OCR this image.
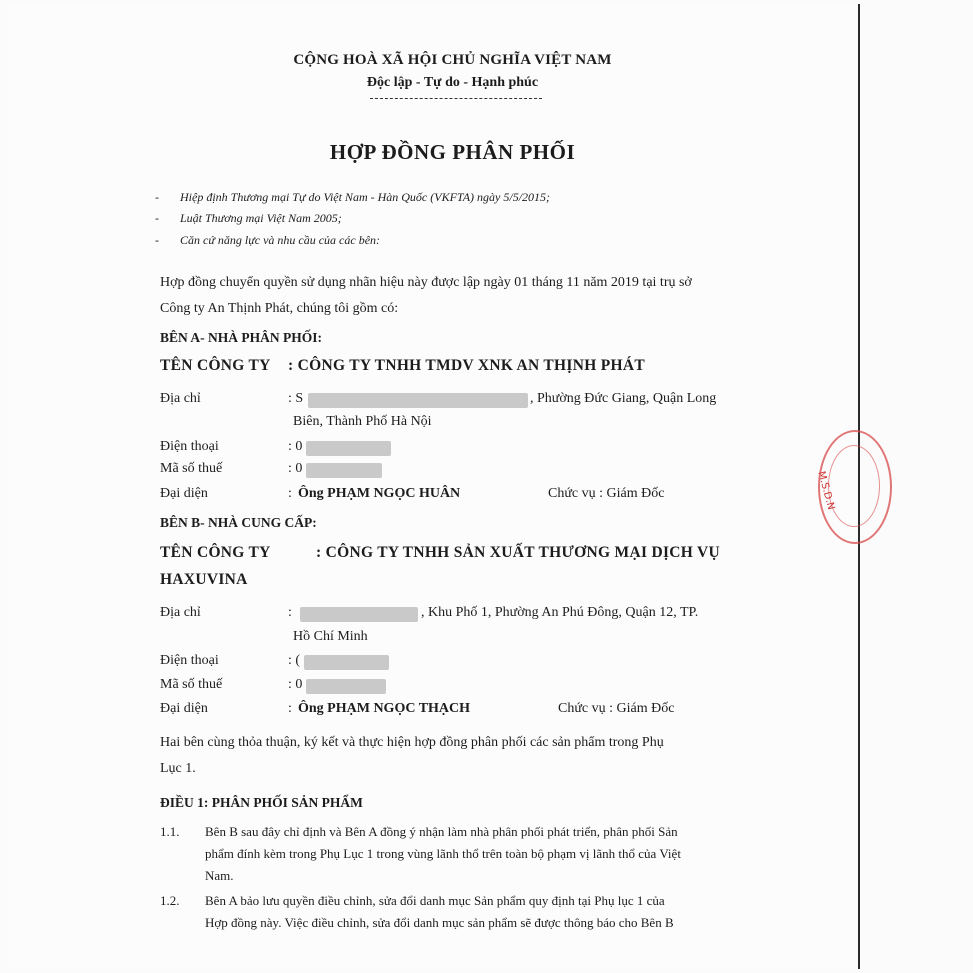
CỘNG HOÀ XÃ HỘI CHỦ NGHĨA VIỆT NAM
Độc lập - Tự do - Hạnh phúc
HỢP ĐỒNG PHÂN PHỐI
- Hiệp định Thương mại Tự do Việt Nam - Hàn Quốc (VKFTA) ngày 5/5/2015;
- Luật Thương mại Việt Nam 2005;
- Căn cứ năng lực và nhu cầu của các bên:
Hợp đồng chuyển quyền sử dụng nhãn hiệu này được lập ngày 01 tháng 11 năm 2019 tại trụ sở
Công ty An Thịnh Phát, chúng tôi gồm có:
BÊN A- NHÀ PHÂN PHỐI:
TÊN CÔNG TY : CÔNG TY TNHH TMDV XNK AN THỊNH PHÁT
Địa chỉ	: S	, Phường Đức Giang, Quận Long
Biên, Thành Phố Hà Nội
Điện thoại	: 0
Mã số thuế	: 0
Đại diện	: Ông PHẠM NGỌC HUÂN	Chức vụ : Giám Đốc
BÊN B- NHÀ CUNG CẤP:
TÊN CÔNG TY	: CÔNG TY TNHH SẢN XUẤT THƯƠNG MẠI DỊCH VỤ
HAXUVINA
Địa chỉ	:	, Khu Phố 1, Phường An Phú Đông, Quận 12, TP.
Hồ Chí Minh
Điện thoại	: (
Mã số thuế	: 0
Đại diện	: Ông PHẠM NGỌC THẠCH	Chức vụ : Giám Đốc
Hai bên cùng thỏa thuận, ký kết và thực hiện hợp đồng phân phối các sản phẩm trong Phụ
Lục 1.
ĐIỀU 1: PHÂN PHỐI SẢN PHẨM
1.1. Bên B sau đây chỉ định và Bên A đồng ý nhận làm nhà phân phối phát triển, phân phối Sản
phẩm đính kèm trong Phụ Lục 1 trong vùng lãnh thổ trên toàn bộ phạm vị lãnh thổ của Việt
Nam.
1.2. Bên A bảo lưu quyền điều chỉnh, sửa đổi danh mục Sản phẩm quy định tại Phụ lục 1 của
Hợp đồng này. Việc điều chỉnh, sửa đổi danh mục sản phẩm sẽ được thông báo cho Bên B
M.S.D.N
